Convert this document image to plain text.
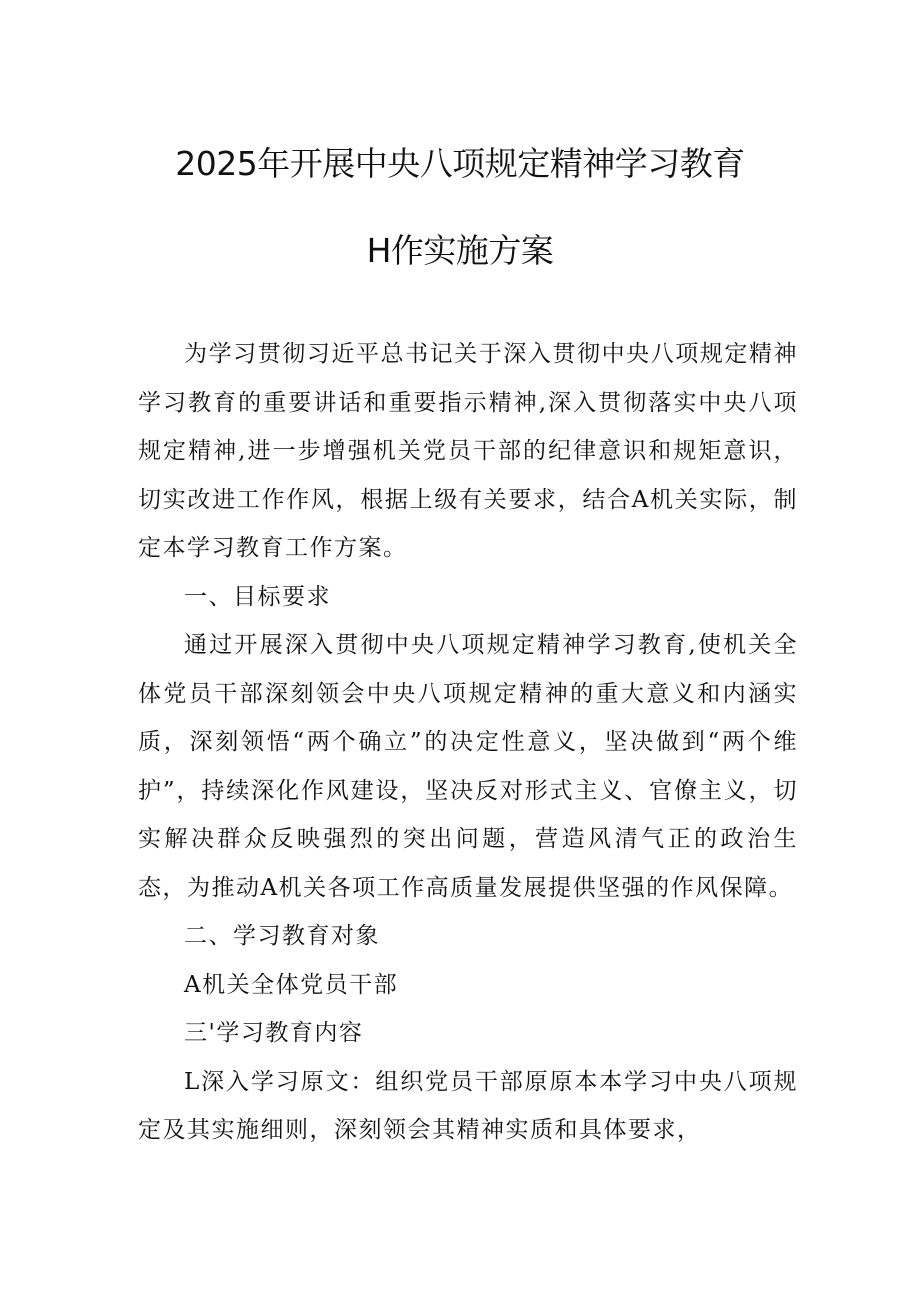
2025年开展中央八项规定精神学习教育
H作实施方案

为学习贯彻习近平总书记关于深入贯彻中央八项规定精神学习教育的重要讲话和重要指示精神,深入贯彻落实中央八项规定精神,进一步增强机关党员干部的纪律意识和规矩意识，切实改进工作作风，根据上级有关要求，结合A机关实际，制定本学习教育工作方案。

一、目标要求

通过开展深入贯彻中央八项规定精神学习教育,使机关全体党员干部深刻领会中央八项规定精神的重大意义和内涵实质，深刻领悟“两个确立”的决定性意义，坚决做到“两个维护”，持续深化作风建设，坚决反对形式主义、官僚主义，切实解决群众反映强烈的突出问题，营造风清气正的政治生态，为推动A机关各项工作高质量发展提供坚强的作风保障。

二、学习教育对象

A机关全体党员干部

三'学习教育内容

L深入学习原文：组织党员干部原原本本学习中央八项规定及其实施细则，深刻领会其精神实质和具体要求，
